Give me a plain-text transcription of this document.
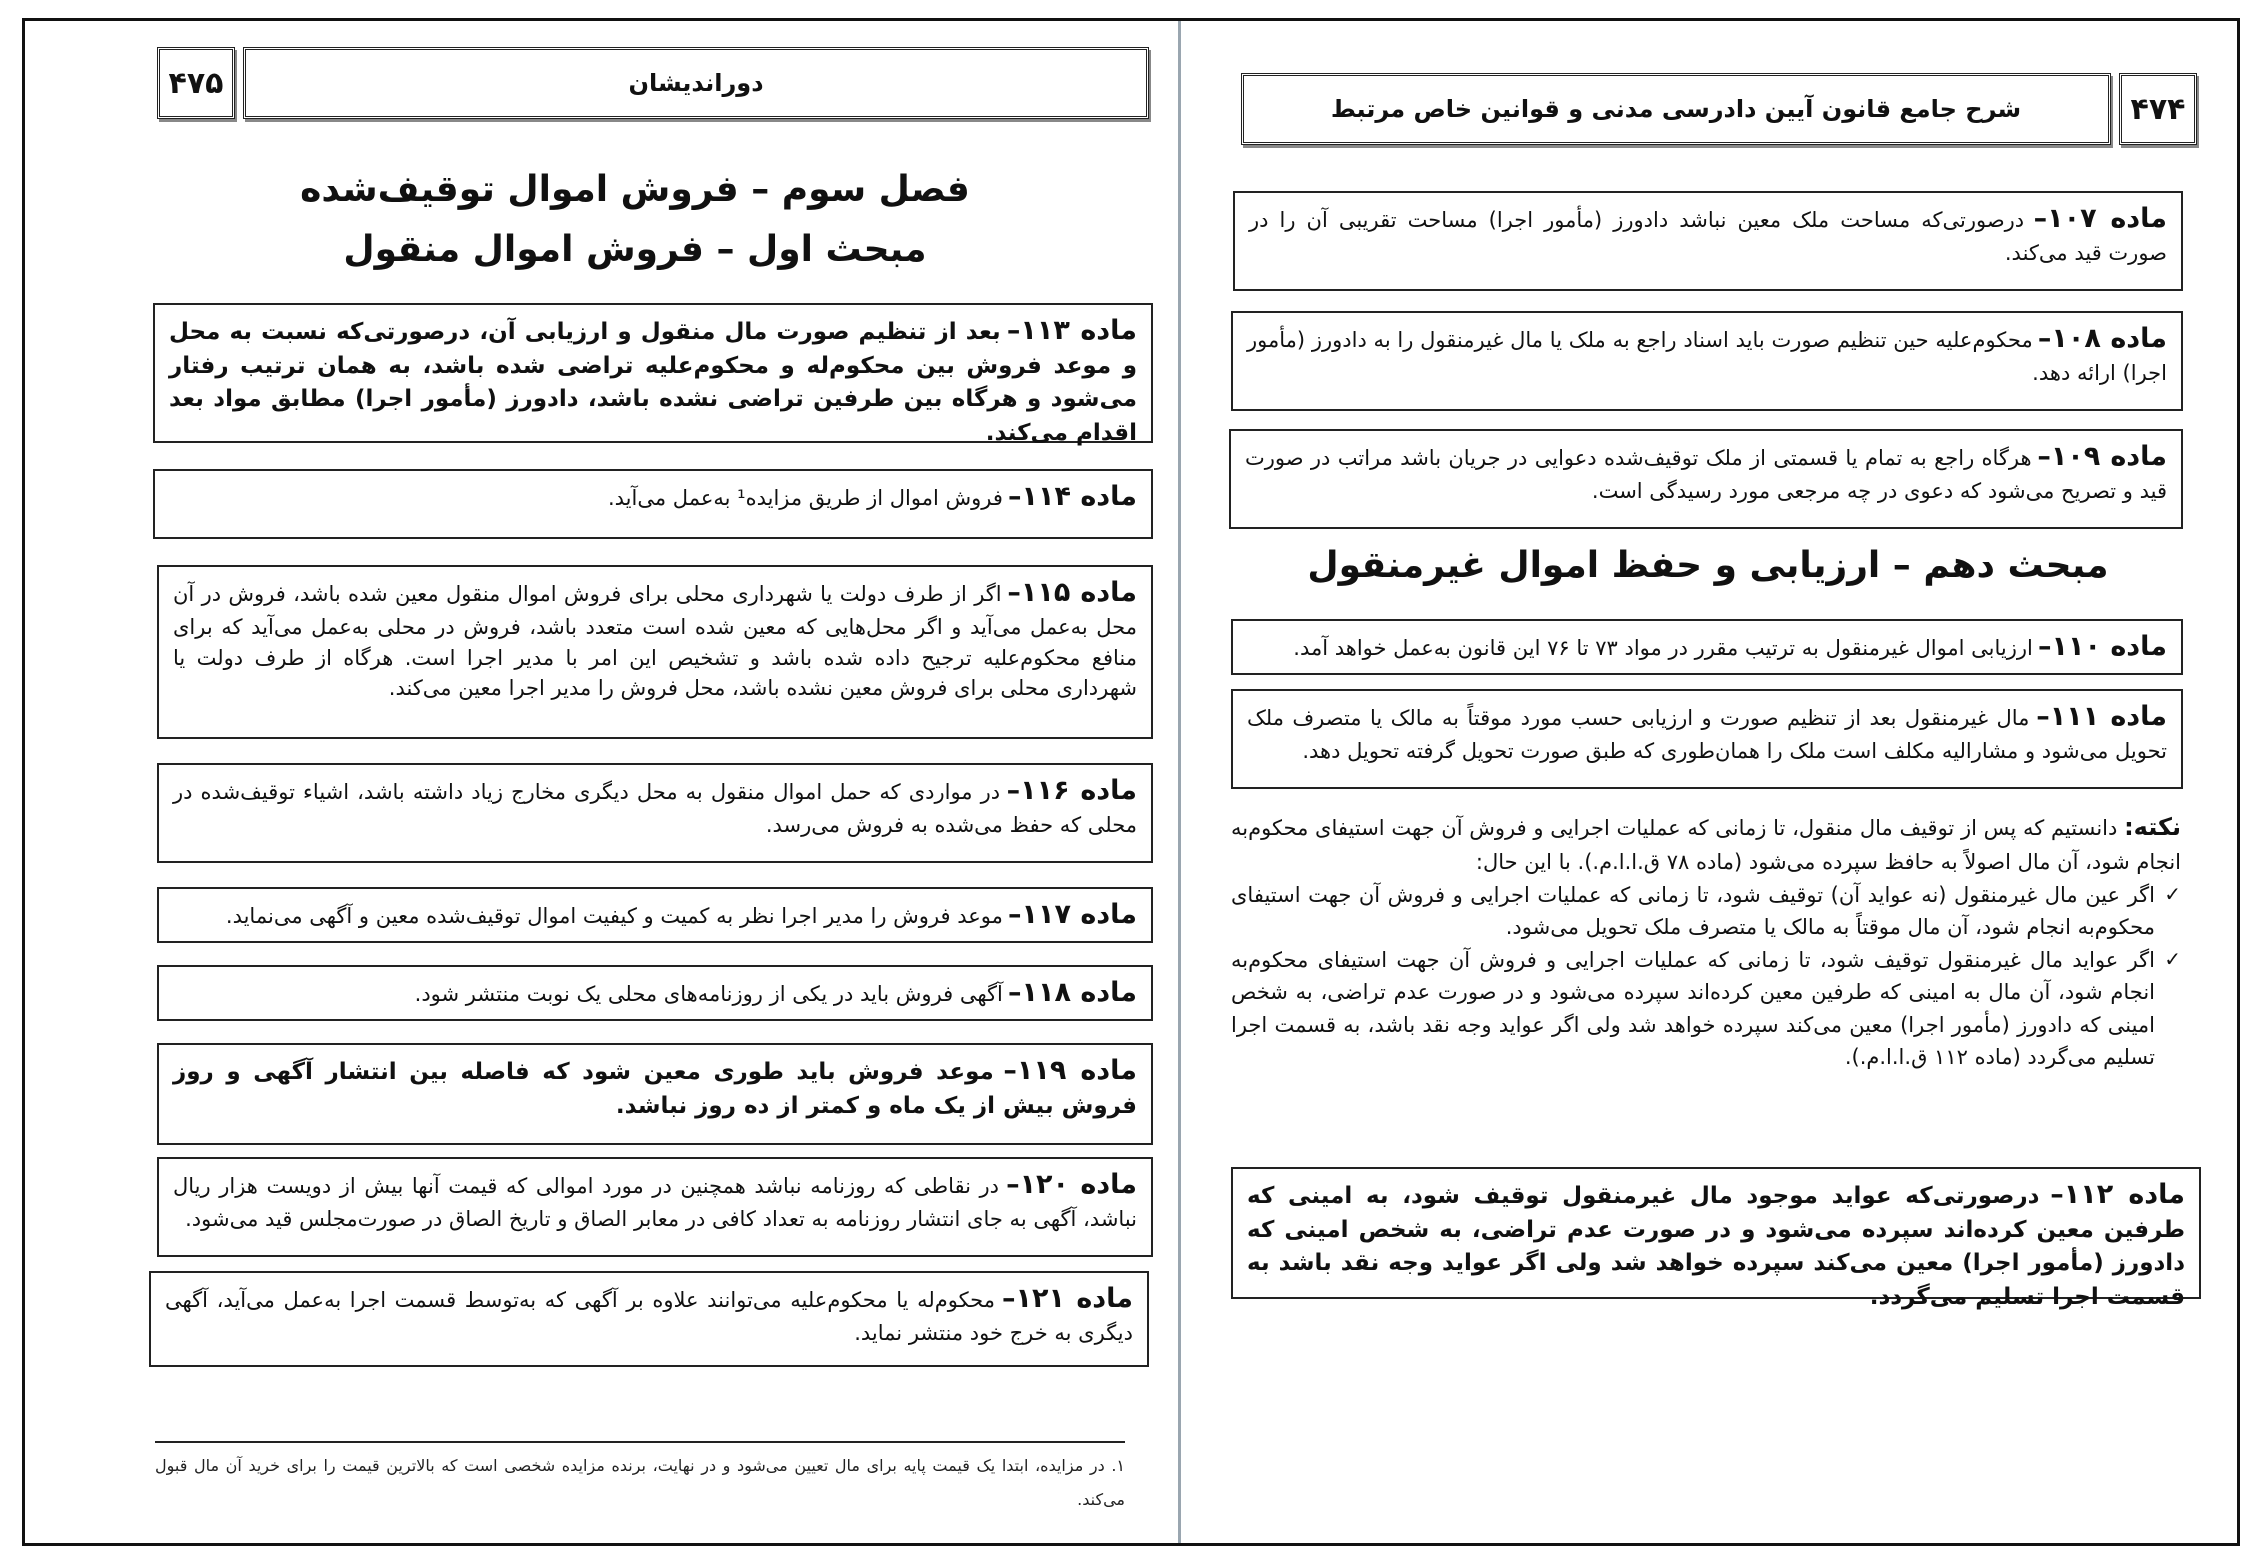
۴۷۵	دوراندیشان
فصل سوم – فروش اموال توقیف‌شده
مبحث اول – فروش اموال منقول
ماده ۱۱۳– بعد از تنظیم صورت مال منقول و ارزیابی آن، درصورتی‌که نسبت به محل و موعد فروش بین محکوم‌له و محکوم‌علیه تراضی شده باشد، به همان ترتیب رفتار می‌شود و هرگاه بین طرفین تراضی نشده باشد، دادورز (مأمور اجرا) مطابق مواد بعد اقدام می‌کند.
ماده ۱۱۴– فروش اموال از طریق مزایده¹ به‌عمل می‌آید.
ماده ۱۱۵– اگر از طرف دولت یا شهرداری محلی برای فروش اموال منقول معین شده باشد، فروش در آن محل به‌عمل می‌آید و اگر محل‌هایی که معین شده است متعدد باشد، فروش در محلی به‌عمل می‌آید که برای منافع محکوم‌علیه ترجیح داده شده باشد و تشخیص این امر با مدیر اجرا است. هرگاه از طرف دولت یا شهرداری محلی برای فروش معین نشده باشد، محل فروش را مدیر اجرا معین می‌کند.
ماده ۱۱۶– در مواردی که حمل اموال منقول به محل دیگری مخارج زیاد داشته باشد، اشیاء توقیف‌شده در محلی که حفظ می‌شده به فروش می‌رسد.
ماده ۱۱۷– موعد فروش را مدیر اجرا نظر به کمیت و کیفیت اموال توقیف‌شده معین و آگهی می‌نماید.
ماده ۱۱۸– آگهی فروش باید در یکی از روزنامه‌های محلی یک نوبت منتشر شود.
ماده ۱۱۹– موعد فروش باید طوری معین شود که فاصله بین انتشار آگهی و روز فروش بیش از یک ماه و کمتر از ده روز نباشد.
ماده ۱۲۰– در نقاطی که روزنامه نباشد همچنین در مورد اموالی که قیمت آنها بیش از دویست هزار ریال نباشد، آگهی به جای انتشار روزنامه به تعداد کافی در معابر الصاق و تاریخ الصاق در صورت‌مجلس قید می‌شود.
ماده ۱۲۱– محکوم‌له یا محکوم‌علیه می‌توانند علاوه بر آگهی که به‌توسط قسمت اجرا به‌عمل می‌آید، آگهی دیگری به خرج خود منتشر نماید.
۱. در مزایده، ابتدا یک قیمت پایه برای مال تعیین می‌شود و در نهایت، برنده مزایده شخصی است که بالاترین قیمت را برای خرید آن مال قبول می‌کند.
۴۷۴
شرح جامع قانون آیین دادرسی مدنی و قوانین خاص مرتبط
ماده ۱۰۷– درصورتی‌که مساحت ملک معین نباشد دادورز (مأمور اجرا) مساحت تقریبی آن را در صورت قید می‌کند.
ماده ۱۰۸– محکوم‌علیه حین تنظیم صورت باید اسناد راجع به ملک یا مال غیرمنقول را به دادورز (مأمور اجرا) ارائه دهد.
ماده ۱۰۹– هرگاه راجع به تمام یا قسمتی از ملک توقیف‌شده دعوایی در جریان باشد مراتب در صورت قید و تصریح می‌شود که دعوی در چه مرجعی مورد رسیدگی است.
مبحث دهم – ارزیابی و حفظ اموال غیرمنقول
ماده ۱۱۰– ارزیابی اموال غیرمنقول به ترتیب مقرر در مواد ۷۳ تا ۷۶ این قانون به‌عمل خواهد آمد.
ماده ۱۱۱– مال غیرمنقول بعد از تنظیم صورت و ارزیابی حسب مورد موقتاً به مالک یا متصرف ملک تحویل می‌شود و مشارالیه مکلف است ملک را همان‌طوری که طبق صورت تحویل گرفته تحویل دهد.
نکته: دانستیم که پس از توقیف مال منقول، تا زمانی که عملیات اجرایی و فروش آن جهت استیفای محکوم‌به انجام شود، آن مال اصولاً به حافظ سپرده می‌شود (ماده ۷۸ ق.ا.ا.م.). با این حال:
✓
اگر عین مال غیرمنقول (نه عواید آن) توقیف شود، تا زمانی که عملیات اجرایی و فروش آن جهت استیفای محکوم‌به انجام شود، آن مال موقتاً به مالک یا متصرف ملک تحویل می‌شود.
✓
اگر عواید مال غیرمنقول توقیف شود، تا زمانی که عملیات اجرایی و فروش آن جهت استیفای محکوم‌به انجام شود، آن مال به امینی که طرفین معین کرده‌اند سپرده می‌شود و در صورت عدم تراضی، به شخص امینی که دادورز (مأمور اجرا) معین می‌کند سپرده خواهد شد ولی اگر عواید وجه نقد باشد، به قسمت اجرا تسلیم می‌گردد (ماده ۱۱۲ ق.ا.ا.م.).
ماده ۱۱۲– درصورتی‌که عواید موجود مال غیرمنقول توقیف شود، به امینی که طرفین معین کرده‌اند سپرده می‌شود و در صورت عدم تراضی، به شخص امینی که دادورز (مأمور اجرا) معین می‌کند سپرده خواهد شد ولی اگر عواید وجه نقد باشد به قسمت اجرا تسلیم می‌گردد.
